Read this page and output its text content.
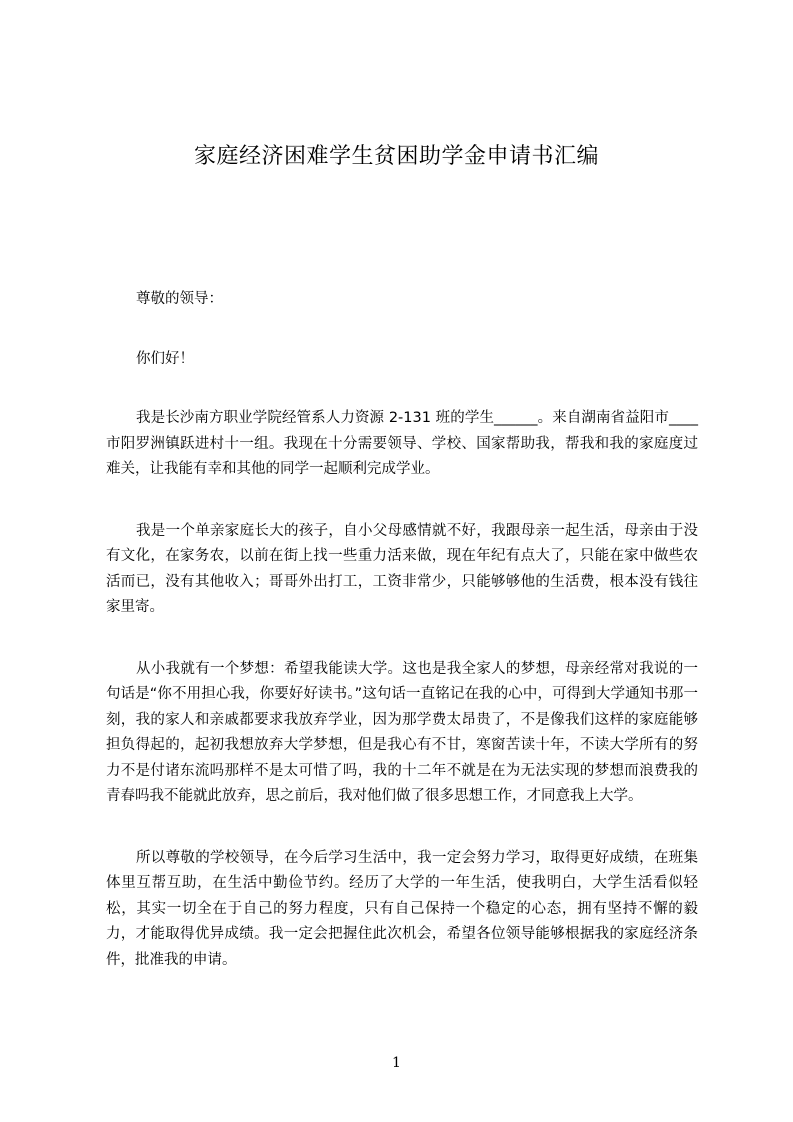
家庭经济困难学生贫困助学金申请书汇编

尊敬的领导：

你们好！

我是长沙南方职业学院经管系人力资源 2-131 班的学生______。来自湖南省益阳市____市阳罗洲镇跃进村十一组。我现在十分需要领导、学校、国家帮助我，帮我和我的家庭度过难关，让我能有幸和其他的同学一起顺利完成学业。

我是一个单亲家庭长大的孩子，自小父母感情就不好，我跟母亲一起生活，母亲由于没有文化，在家务农，以前在街上找一些重力活来做，现在年纪有点大了，只能在家中做些农活而已，没有其他收入；哥哥外出打工，工资非常少，只能够够他的生活费，根本没有钱往家里寄。

从小我就有一个梦想：希望我能读大学。这也是我全家人的梦想，母亲经常对我说的一句话是“你不用担心我，你要好好读书。”这句话一直铭记在我的心中，可得到大学通知书那一刻，我的家人和亲戚都要求我放弃学业，因为那学费太昂贵了，不是像我们这样的家庭能够担负得起的，起初我想放弃大学梦想，但是我心有不甘，寒窗苦读十年，不读大学所有的努力不是付诸东流吗那样不是太可惜了吗，我的十二年不就是在为无法实现的梦想而浪费我的青春吗我不能就此放弃，思之前后，我对他们做了很多思想工作，才同意我上大学。

所以尊敬的学校领导，在今后学习生活中，我一定会努力学习，取得更好成绩，在班集体里互帮互助，在生活中勤俭节约。经历了大学的一年生活，使我明白，大学生活看似轻松，其实一切全在于自己的努力程度，只有自己保持一个稳定的心态，拥有坚持不懈的毅力，才能取得优异成绩。我一定会把握住此次机会，希望各位领导能够根据我的家庭经济条件，批准我的申请。

1
